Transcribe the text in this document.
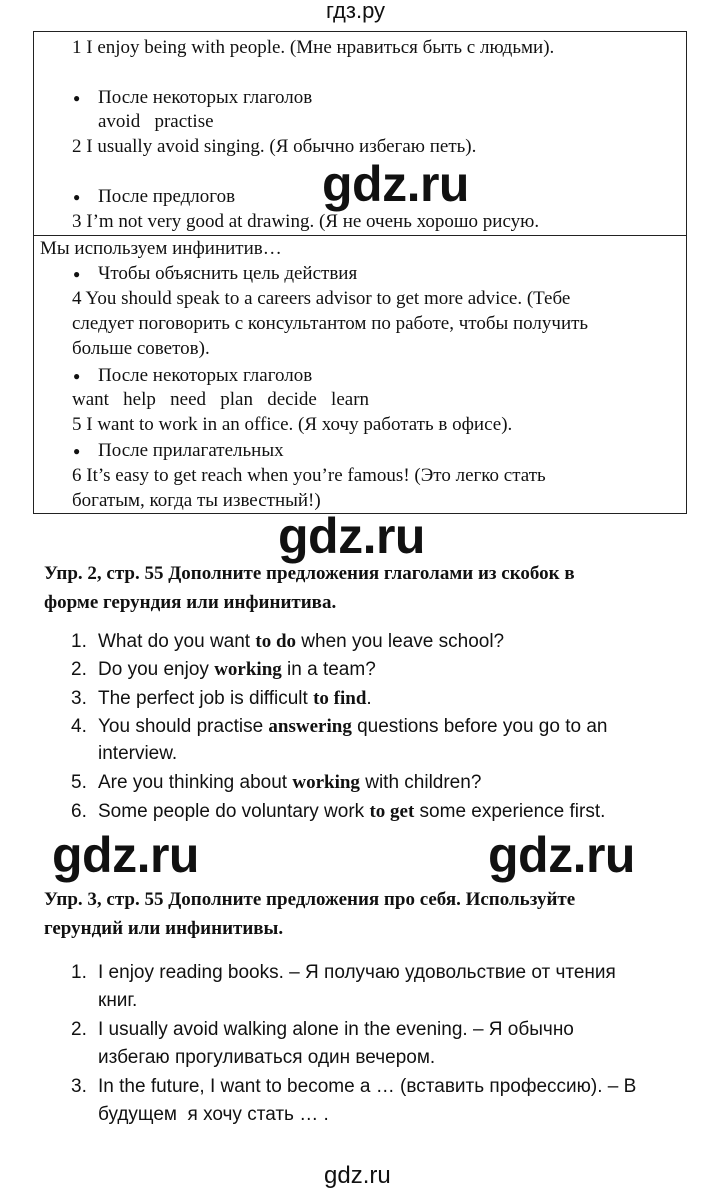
гдз.ру
1 I enjoy being with people. (Мне нравиться быть с людьми).
● После некоторых глаголов
avoid   practise
2 I usually avoid singing. (Я обычно избегаю петь).
● После предлогов
3 I’m not very good at drawing. (Я не очень хорошо рисую.
gdz.ru
Мы используем инфинитив…
● Чтобы объяснить цель действия
4 You should speak to a careers advisor to get more advice. (Тебе
следует поговорить с консультантом по работе, чтобы получить
больше советов).
● После некоторых глаголов
want   help   need   plan   decide   learn
5 I want to work in an office. (Я хочу работать в офисе).
● После прилагательных
6 It’s easy to get reach when you’re famous! (Это легко стать
богатым, когда ты известный!)
gdz.ru
Упр. 2, стр. 55 Дополните предложения глаголами из скобок в
форме герундия или инфинитива.
1. What do you want to do when you leave school?
2. Do you enjoy working in a team?
3. The perfect job is difficult to find.
4. You should practise answering questions before you go to an
interview.
5. Are you thinking about working with children?
6. Some people do voluntary work to get some experience first.
gdz.ru	gdz.ru
Упр. 3, стр. 55 Дополните предложения про себя. Используйте
герундий или инфинитивы.
1. I enjoy reading books. – Я получаю удовольствие от чтения
книг.
2. I usually avoid walking alone in the evening. – Я обычно
избегаю прогуливаться один вечером.
3. In the future, I want to become a … (вставить профессию). – В
будущем  я хочу стать … .
gdz.ru
